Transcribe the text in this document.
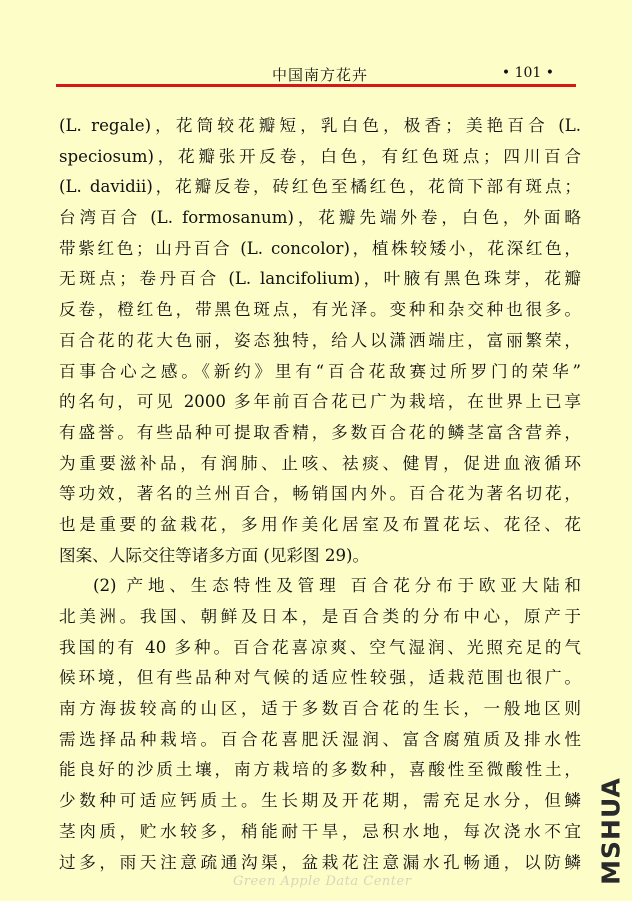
中国南方花卉	• 101 •
(L. regale)，花筒较花瓣短，乳白色，极香；美艳百合 (L.
speciosum)，花瓣张开反卷，白色，有红色斑点；四川百合
(L. davidii)，花瓣反卷，砖红色至橘红色，花筒下部有斑点；
台湾百合 (L. formosanum)，花瓣先端外卷，白色，外面略
带紫红色；山丹百合 (L. concolor)，植株较矮小，花深红色，
无斑点；卷丹百合 (L. lancifolium)，叶腋有黑色珠芽，花瓣
反卷，橙红色，带黑色斑点，有光泽。变种和杂交种也很多。
百合花的花大色丽，姿态独特，给人以潇洒端庄，富丽繁荣，
百事合心之感。《新约》里有“百合花敌赛过所罗门的荣华”
的名句，可见 2000 多年前百合花已广为栽培，在世界上已享
有盛誉。有些品种可提取香精，多数百合花的鳞茎富含营养，
为重要滋补品，有润肺、止咳、祛痰、健胃，促进血液循环
等功效，著名的兰州百合，畅销国内外。百合花为著名切花，
也是重要的盆栽花，多用作美化居室及布置花坛、花径、花
图案、人际交往等诸多方面 (见彩图 29)。
(2) 产地、生态特性及管理 百合花分布于欧亚大陆和
北美洲。我国、朝鲜及日本，是百合类的分布中心，原产于
我国的有 40 多种。百合花喜凉爽、空气湿润、光照充足的气
候环境，但有些品种对气候的适应性较强，适栽范围也很广。
南方海拔较高的山区，适于多数百合花的生长，一般地区则
需选择品种栽培。百合花喜肥沃湿润、富含腐殖质及排水性
能良好的沙质土壤，南方栽培的多数种，喜酸性至微酸性土，
少数种可适应钙质土。生长期及开花期，需充足水分，但鳞
茎肉质，贮水较多，稍能耐干旱，忌积水地，每次浇水不宜
过多，雨天注意疏通沟渠，盆栽花注意漏水孔畅通，以防鳞 MSHUA
Green Apple Data Center
